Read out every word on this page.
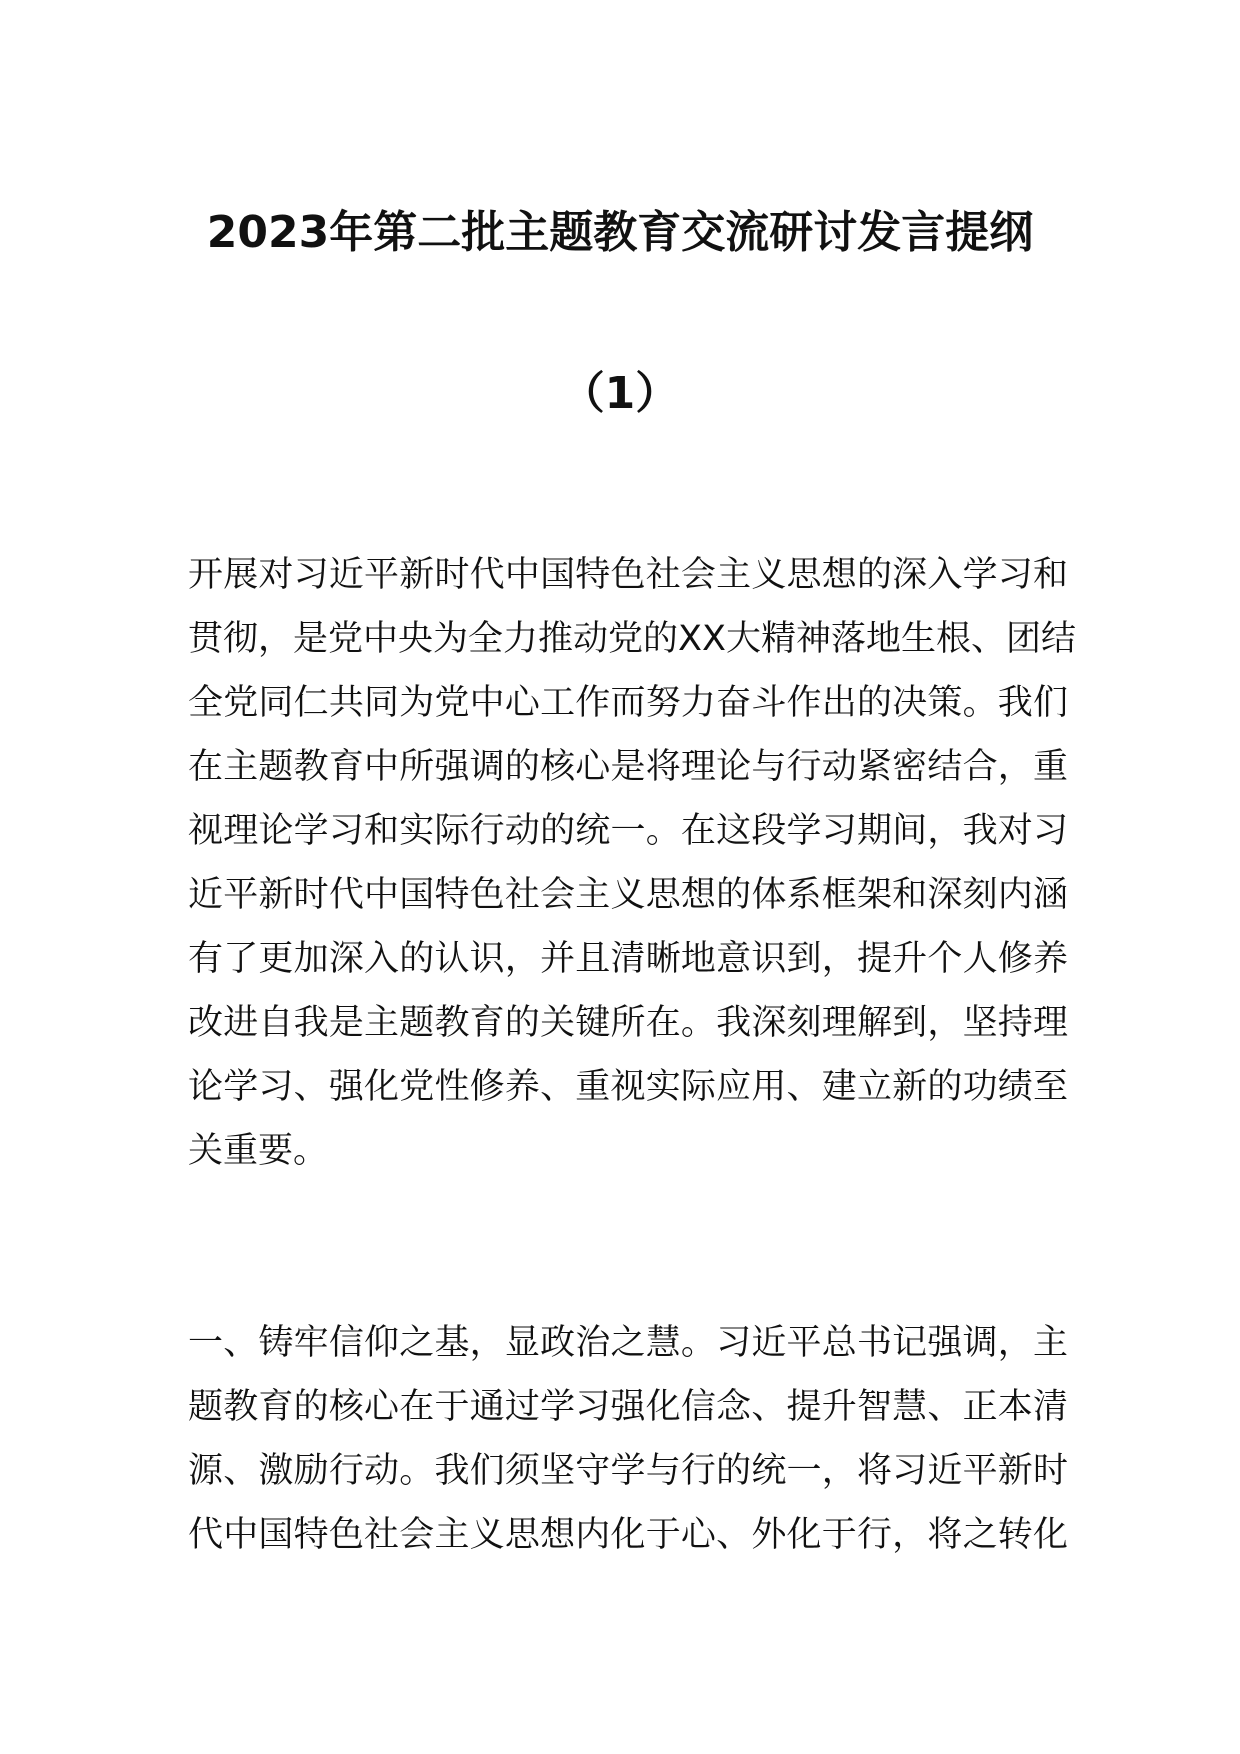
2023年第二批主题教育交流研讨发言提纲
（1）
开展对习近平新时代中国特色社会主义思想的深入学习和
贯彻，是党中央为全力推动党的XX大精神落地生根、团结
全党同仁共同为党中心工作而努力奋斗作出的决策。我们
在主题教育中所强调的核心是将理论与行动紧密结合，重
视理论学习和实际行动的统一。在这段学习期间，我对习
近平新时代中国特色社会主义思想的体系框架和深刻内涵
有了更加深入的认识，并且清晰地意识到，提升个人修养
改进自我是主题教育的关键所在。我深刻理解到，坚持理
论学习、强化党性修养、重视实际应用、建立新的功绩至
关重要。
一、铸牢信仰之基，显政治之慧。习近平总书记强调，主
题教育的核心在于通过学习强化信念、提升智慧、正本清
源、激励行动。我们须坚守学与行的统一，将习近平新时
代中国特色社会主义思想内化于心、外化于行，将之转化
